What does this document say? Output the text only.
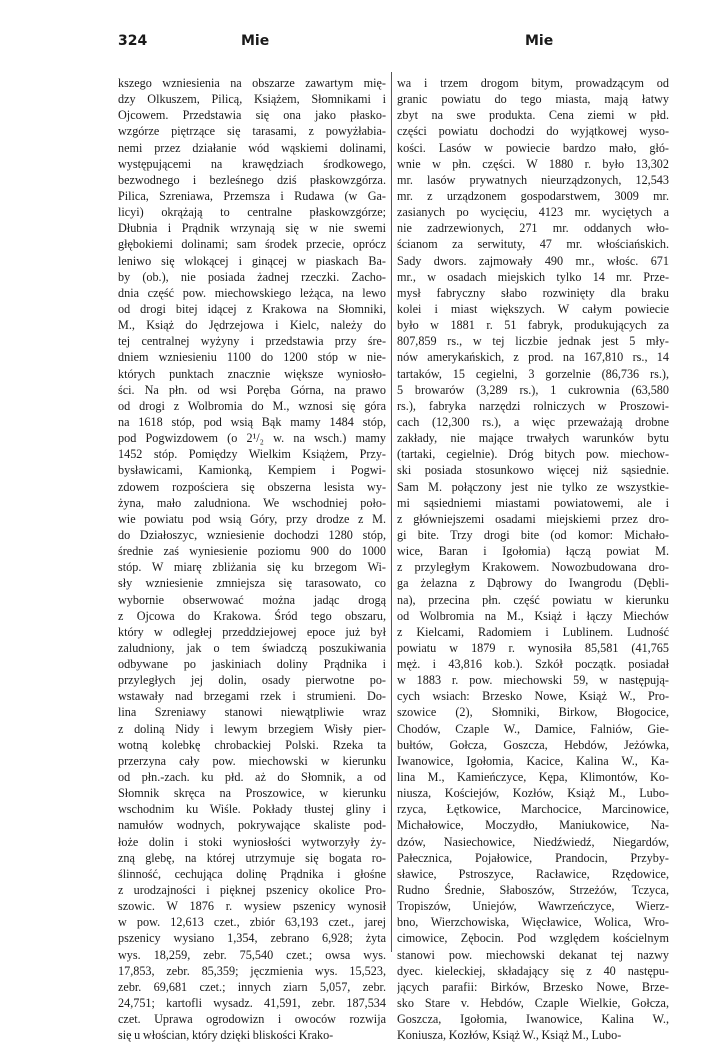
324	Mie	Mie
kszego wzniesienia na obszarze zawartym mię-
dzy Olkuszem, Pilicą, Książem, Słomnikami i
Ojcowem. Przedstawia się ona jako płasko-
wzgórze piętrzące się tarasami, z powyżłabia-
nemi przez działanie wód wąskiemi dolinami,
występującemi na krawędziach środkowego,
bezwodnego i bezleśnego dziś płaskowzgórza.
Pilica, Szreniawa, Przemsza i Rudawa (w Ga-
licyi) okrążają to centralne płaskowzgórze;
Dłubnia i Prądnik wrzynają się w nie swemi
głębokiemi dolinami; sam środek przecie, oprócz
leniwo się wlokącej i ginącej w piaskach Ba-
by (ob.), nie posiada żadnej rzeczki. Zacho-
dnia część pow. miechowskiego leżąca, na lewo
od drogi bitej idącej z Krakowa na Słomniki,
M., Książ do Jędrzejowa i Kielc, należy do
tej centralnej wyżyny i przedstawia przy śre-
dniem wzniesieniu 1100 do 1200 stóp w nie-
których punktach znacznie większe wyniosło-
ści. Na płn. od wsi Poręba Górna, na prawo
od drogi z Wolbromia do M., wznosi się góra
na 1618 stóp, pod wsią Bąk mamy 1484 stóp,
pod Pogwizdowem (o 2¹/₂ w. na wsch.) mamy
1452 stóp. Pomiędzy Wielkim Książem, Przy-
bysławicami, Kamionką, Kempiem i Pogwi-
zdowem rozpościera się obszerna lesista wy-
żyna, mało zaludniona. We wschodniej poło-
wie powiatu pod wsią Góry, przy drodze z M.
do Działoszyc, wzniesienie dochodzi 1280 stóp,
średnie zaś wyniesienie poziomu 900 do 1000
stóp. W miarę zbliżania się ku brzegom Wi-
sły wzniesienie zmniejsza się tarasowato, co
wybornie obserwować można jadąc drogą
z Ojcowa do Krakowa. Śród tego obszaru,
który w odległej przeddziejowej epoce już był
zaludniony, jak o tem świadczą poszukiwania
odbywane po jaskiniach doliny Prądnika i
przyległych jej dolin, osady pierwotne po-
wstawały nad brzegami rzek i strumieni. Do-
lina Szreniawy stanowi niewątpliwie wraz
z doliną Nidy i lewym brzegiem Wisły pier-
wotną kolebkę chrobackiej Polski. Rzeka ta
przerzyna cały pow. miechowski w kierunku
od płn.-zach. ku płd. aż do Słomnik, a od
Słomnik skręca na Proszowice, w kierunku
wschodnim ku Wiśle. Pokłady tłustej gliny i
namułów wodnych, pokrywające skaliste pod-
łoże dolin i stoki wyniosłości wytworzyły ży-
zną glebę, na której utrzymuje się bogata ro-
ślinność, cechująca dolinę Prądnika i głośne
z urodzajności i pięknej pszenicy okolice Pro-
szowic. W 1876 r. wysiew pszenicy wynosił
w pow. 12,613 czet., zbiór 63,193 czet., jarej
pszenicy wysiano 1,354, zebrano 6,928; żyta
wys. 18,259, zebr. 75,540 czet.; owsa wys.
17,853, zebr. 85,359; jęczmienia wys. 15,523,
zebr. 69,681 czet.; innych ziarn 5,057, zebr.
24,751; kartofli wysadz. 41,591, zebr. 187,534
czet. Uprawa ogrodowizn i owoców rozwija
się u włościan, który dzięki bliskości Krako-
wa i trzem drogom bitym, prowadzącym od
granic powiatu do tego miasta, mają łatwy
zbyt na swe produkta. Cena ziemi w płd.
części powiatu dochodzi do wyjątkowej wyso-
kości. Lasów w powiecie bardzo mało, głó-
wnie w płn. części. W 1880 r. było 13,302
mr. lasów prywatnych nieurządzonych, 12,543
mr. z urządzonem gospodarstwem, 3009 mr.
zasianych po wycięciu, 4123 mr. wyciętych a
nie zadrzewionych, 271 mr. oddanych wło-
ścianom za serwituty, 47 mr. włościańskich.
Sady dwors. zajmowały 490 mr., włośc. 671
mr., w osadach miejskich tylko 14 mr. Prze-
mysł fabryczny słabo rozwinięty dla braku
kolei i miast większych. W całym powiecie
było w 1881 r. 51 fabryk, produkujących za
807,859 rs., w tej liczbie jednak jest 5 mły-
nów amerykańskich, z prod. na 167,810 rs., 14
tartaków, 15 cegielni, 3 gorzelnie (86,736 rs.),
5 browarów (3,289 rs.), 1 cukrownia (63,580
rs.), fabryka narzędzi rolniczych w Proszowi-
cach (12,300 rs.), a więc przeważają drobne
zakłady, nie mające trwałych warunków bytu
(tartaki, cegielnie). Dróg bitych pow. miechow-
ski posiada stosunkowo więcej niż sąsiednie.
Sam M. połączony jest nie tylko ze wszystkie-
mi sąsiedniemi miastami powiatowemi, ale i
z główniejszemi osadami miejskiemi przez dro-
gi bite. Trzy drogi bite (od komor: Michało-
wice, Baran i Igołomia) łączą powiat M.
z przyległym Krakowem. Nowozbudowana dro-
ga żelazna z Dąbrowy do Iwangrodu (Dębli-
na), przecina płn. część powiatu w kierunku
od Wolbromia na M., Książ i łączy Miechów
z Kielcami, Radomiem i Lublinem. Ludność
powiatu w 1879 r. wynosiła 85,581 (41,765
męż. i 43,816 kob.). Szkół początk. posiadał
w 1883 r. pow. miechowski 59, w następują-
cych wsiach: Brzesko Nowe, Książ W., Pro-
szowice (2), Słomniki, Birkow, Błogocice,
Chodów, Czaple W., Damice, Falniów, Gie-
bułtów, Gołcza, Goszcza, Hebdów, Jeżówka,
Iwanowice, Igołomia, Kacice, Kalina W., Ka-
lina M., Kamieńczyce, Kępa, Klimontów, Ko-
niusza, Kościejów, Kozłów, Książ M., Lubo-
rzyca, Łętkowice, Marchocice, Marcinowice,
Michałowice, Moczydło, Maniukowice, Na-
dzów, Nasiechowice, Niedźwiedź, Niegardów,
Pałecznica, Pojałowice, Prandocin, Przyby-
sławice, Pstroszyce, Racławice, Rzędowice,
Rudno Średnie, Słaboszów, Strzeżów, Tczyca,
Tropiszów, Uniejów, Wawrzeńczyce, Wierz-
bno, Wierzchowiska, Więcławice, Wolica, Wro-
cimowice, Zębocin. Pod względem kościelnym
stanowi pow. miechowski dekanat tej nazwy
dyec. kieleckiej, składający się z 40 następu-
jących parafii: Birków, Brzesko Nowe, Brze-
sko Stare v. Hebdów, Czaple Wielkie, Gołcza,
Goszcza, Igołomia, Iwanowice, Kalina W.,
Koniusza, Kozłów, Książ W., Książ M., Lubo-
